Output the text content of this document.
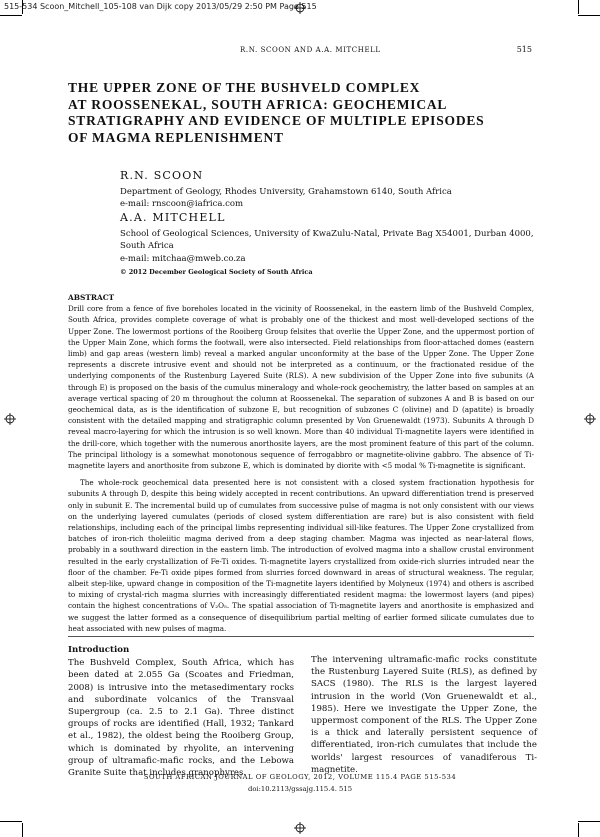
515-534 Scoon_Mitchell_105-108 van Dijk copy 2013/05/29 2:50 PM Page 515
R.N. SCOON AND A.A. MITCHELL	515
THE UPPER ZONE OF THE BUSHVELD COMPLEX
AT ROOSSENEKAL, SOUTH AFRICA: GEOCHEMICAL
STRATIGRAPHY AND EVIDENCE OF MULTIPLE EPISODES
OF MAGMA REPLENISHMENT
R.N. SCOON
Department of Geology, Rhodes University, Grahamstown 6140, South Africa
e-mail: rnscoon@iafrica.com
A.A. MITCHELL
School of Geological Sciences, University of KwaZulu-Natal, Private Bag X54001, Durban 4000,
South Africa
e-mail: mitchaa@mweb.co.za
© 2012 December Geological Society of South Africa
ABSTRACT

Drill core from a fence of five boreholes located in the vicinity of Roossenekal, in the eastern limb of the Bushveld Complex, South Africa, provides complete coverage of what is probably one of the thickest and most well-developed sections of the Upper Zone. The lowermost portions of the Rooiberg Group felsites that overlie the Upper Zone, and the uppermost portion of the Upper Main Zone, which forms the footwall, were also intersected. Field relationships from floor-attached domes (eastern limb) and gap areas (western limb) reveal a marked angular unconformity at the base of the Upper Zone. The Upper Zone represents a discrete intrusive event and should not be interpreted as a continuum, or the fractionated residue of the underlying components of the Rustenburg Layered Suite (RLS). A new subdivision of the Upper Zone into five subunits (A through E) is proposed on the basis of the cumulus mineralogy and whole-rock geochemistry, the latter based on samples at an average vertical spacing of 20 m throughout the column at Roossenekal. The separation of subzones A and B is based on our geochemical data, as is the identification of subzone E, but recognition of subzones C (olivine) and D (apatite) is broadly consistent with the detailed mapping and stratigraphic column presented by Von Gruenewaldt (1973). Subunits A through D reveal macro-layering for which the intrusion is so well known. More than 40 individual Ti-magnetite layers were identified in the drill-core, which together with the numerous anorthosite layers, are the most prominent feature of this part of the column. The principal lithology is a somewhat monotonous sequence of ferrogabbro or magnetite-olivine gabbro. The absence of Ti-magnetite layers and anorthosite from subzone E, which is dominated by diorite with <5 modal % Ti-magnetite is significant.

The whole-rock geochemical data presented here is not consistent with a closed system fractionation hypothesis for subunits A through D, despite this being widely accepted in recent contributions. An upward differentiation trend is preserved only in subunit E. The incremental build up of cumulates from successive pulse of magma is not only consistent with our views on the underlying layered cumulates (periods of closed system differentiation are rare) but is also consistent with field relationships, including each of the principal limbs representing individual sill-like features. The Upper Zone crystallized from batches of iron-rich tholeiitic magma derived from a deep staging chamber. Magma was injected as near-lateral flows, probably in a southward direction in the eastern limb. The introduction of evolved magma into a shallow crustal environment resulted in the early crystallization of Fe-Ti oxides. Ti-magnetite layers crystallized from oxide-rich slurries intruded near the floor of the chamber. Fe-Ti oxide pipes formed from slurries forced downward in areas of structural weakness. The regular, albeit step-like, upward change in composition of the Ti-magnetite layers identified by Molyneux (1974) and others is ascribed to mixing of crystal-rich magma slurries with increasingly differentiated resident magma: the lowermost layers (and pipes) contain the highest concentrations of V₂O₅. The spatial association of Ti-magnetite layers and anorthosite is emphasized and we suggest the latter formed as a consequence of disequilibrium partial melting of earlier formed silicate cumulates due to heat associated with new pulses of magma.

Introduction

The Bushveld Complex, South Africa, which has been dated at 2.055 Ga (Scoates and Friedman, 2008) is intrusive into the metasedimentary rocks and subordinate volcanics of the Transvaal Supergroup (ca. 2.5 to 2.1 Ga). Three distinct groups of rocks are identified (Hall, 1932; Tankard et al., 1982), the oldest being the Rooiberg Group, which is dominated by rhyolite, an intervening group of ultramafic-mafic rocks, and the Lebowa Granite Suite that includes granophyres.

The intervening ultramafic-mafic rocks constitute the Rustenburg Layered Suite (RLS), as defined by SACS (1980). The RLS is the largest layered intrusion in the world (Von Gruenewaldt et al., 1985). Here we investigate the Upper Zone, the uppermost component of the RLS. The Upper Zone is a thick and laterally persistent sequence of differentiated, iron-rich cumulates that include the worlds' largest resources of vanadiferous Ti-magnetite.

SOUTH AFRICAN JOURNAL OF GEOLOGY, 2012, VOLUME 115.4 PAGE 515-534
doi:10.2113/gssajg.115.4. 515
